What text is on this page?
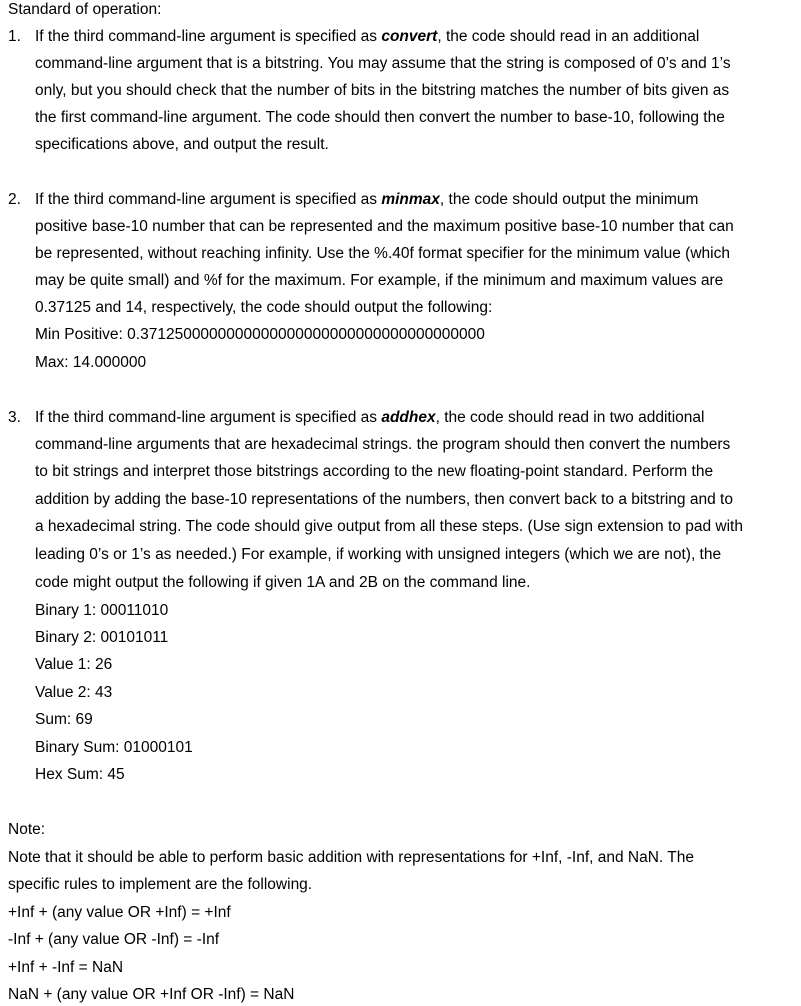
Standard of operation:
1. If the third command-line argument is specified as convert, the code should read in an additional
command-line argument that is a bitstring. You may assume that the string is composed of 0’s and 1’s
only, but you should check that the number of bits in the bitstring matches the number of bits given as
the first command-line argument. The code should then convert the number to base-10, following the
specifications above, and output the result.
2. If the third command-line argument is specified as minmax, the code should output the minimum
positive base-10 number that can be represented and the maximum positive base-10 number that can
be represented, without reaching infinity. Use the %.40f format specifier for the minimum value (which
may be quite small) and %f for the maximum. For example, if the minimum and maximum values are
0.37125 and 14, respectively, the code should output the following:
Min Positive: 0.3712500000000000000000000000000000000000
Max: 14.000000
3. If the third command-line argument is specified as addhex, the code should read in two additional
command-line arguments that are hexadecimal strings. the program should then convert the numbers
to bit strings and interpret those bitstrings according to the new floating-point standard. Perform the
addition by adding the base-10 representations of the numbers, then convert back to a bitstring and to
a hexadecimal string. The code should give output from all these steps. (Use sign extension to pad with
leading 0’s or 1’s as needed.) For example, if working with unsigned integers (which we are not), the
code might output the following if given 1A and 2B on the command line.
Binary 1: 00011010
Binary 2: 00101011
Value 1: 26
Value 2: 43
Sum: 69
Binary Sum: 01000101
Hex Sum: 45
Note:
Note that it should be able to perform basic addition with representations for +Inf, -Inf, and NaN. The
specific rules to implement are the following.
+Inf + (any value OR +Inf) = +Inf
-Inf + (any value OR -Inf) = -Inf
+Inf + -Inf = NaN
NaN + (any value OR +Inf OR -Inf) = NaN
